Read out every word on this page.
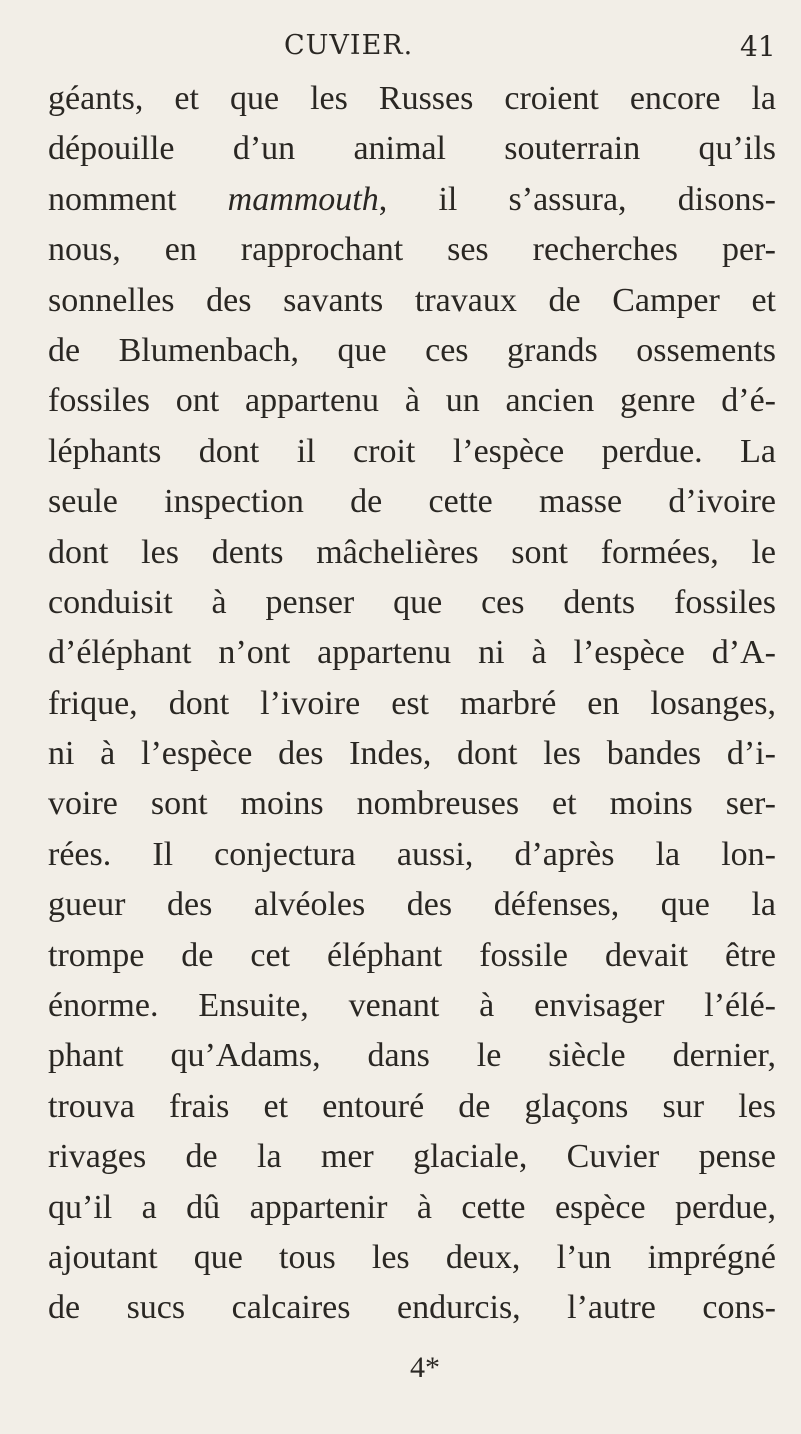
CUVIER.	41
géants, et que les Russes croient encore la
dépouille d’un animal souterrain qu’ils
nomment mammouth, il s’assura, disons-
nous, en rapprochant ses recherches per-
sonnelles des savants travaux de Camper et
de Blumenbach, que ces grands ossements
fossiles ont appartenu à un ancien genre d’é-
léphants dont il croit l’espèce perdue. La
seule inspection de cette masse d’ivoire
dont les dents mâchelières sont formées, le
conduisit à penser que ces dents fossiles
d’éléphant n’ont appartenu ni à l’espèce d’A-
frique, dont l’ivoire est marbré en losanges,
ni à l’espèce des Indes, dont les bandes d’i-
voire sont moins nombreuses et moins ser-
rées. Il conjectura aussi, d’après la lon-
gueur des alvéoles des défenses, que la
trompe de cet éléphant fossile devait être
énorme. Ensuite, venant à envisager l’élé-
phant qu’Adams, dans le siècle dernier,
trouva frais et entouré de glaçons sur les
rivages de la mer glaciale, Cuvier pense
qu’il a dû appartenir à cette espèce perdue,
ajoutant que tous les deux, l’un imprégné
de sucs calcaires endurcis, l’autre cons-
4*
